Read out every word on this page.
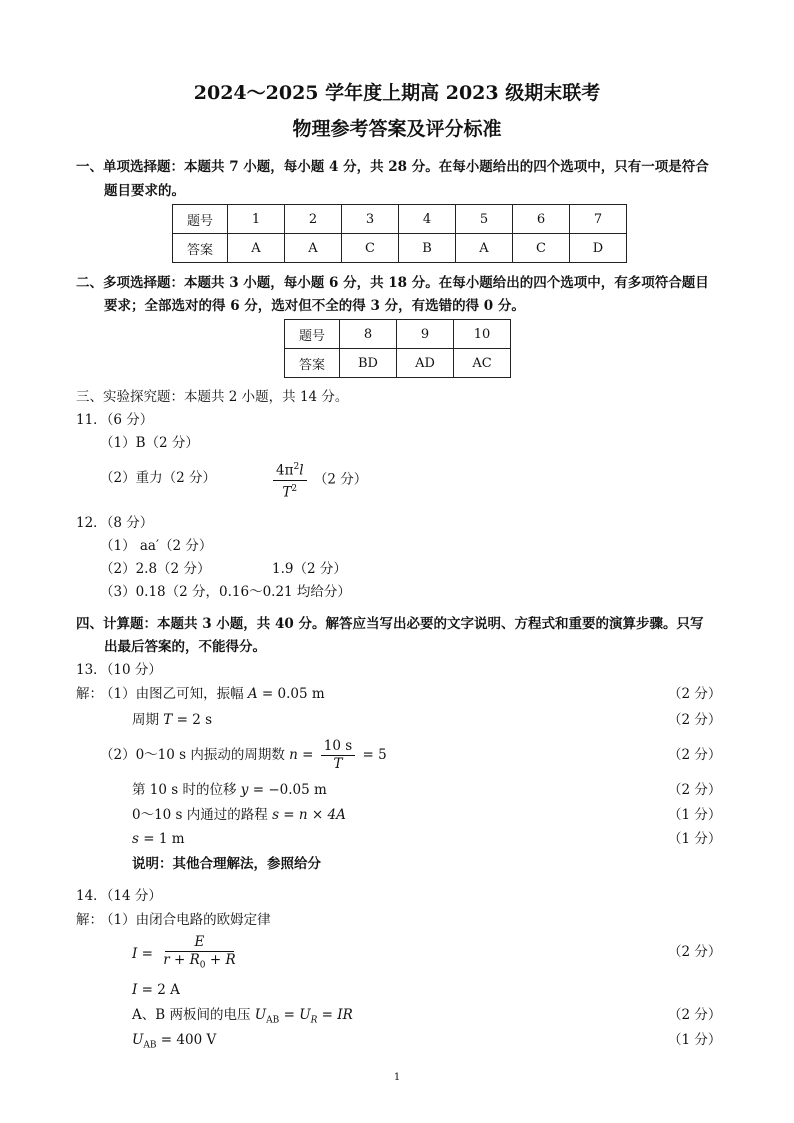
2024～2025 学年度上期高 2023 级期末联考
物理参考答案及评分标准
一、单项选择题：本题共 7 小题，每小题 4 分，共 28 分。在每小题给出的四个选项中，只有一项是符合
题目要求的。
题号	1	2	3	4	5	6	7
答案	A	A	C	B	A	C	D
二、多项选择题：本题共 3 小题，每小题 6 分，共 18 分。在每小题给出的四个选项中，有多项符合题目
要求；全部选对的得 6 分，选对但不全的得 3 分，有选错的得 0 分。
题号	8	9	10
答案	BD	AD	AC
三、实验探究题：本题共 2 小题，共 14 分。
11．（6 分）
（1）B（2 分）
（2）重力（2 分）	$\frac{4\pi^2l}{T^2} (2$ 分）
12．（8 分）
（1） aa′（2 分）
（2）2.8（2 分）	1.9（2 分）
（3）0.18（2 分，0.16～0.21 均给分）
四、计算题：本题共 3 小题，共 40 分。解答应当写出必要的文字说明、方程式和重要的演算步骤。只写
出最后答案的，不能得分。
13．（10 分）
解：
（1）由图乙可知，振幅 A = 0.05 m	（2 分）
周期 T = 2 s	（2 分）
（2）0～10 s 内振动的周期数 $n = \frac{10 s}{T} = 5$	（2 分）
第 10 s 时的位移 y = −0.05 m	（2 分）
0～10 s 内通过的路程 s = n × 4A	（1 分）
s = 1 m	（1 分）
说明：其他合理解法，参照给分
14．（14 分）
解：
（1）由闭合电路的欧姆定律
$I = \frac{E}{r + R_0 + R}$	（2 分）
I = 2 A
A、B 两板间的电压 $U_{AB} = U_R$ = IR	（2 分）
$U_{AB} = 400$ V	（1 分）
1
